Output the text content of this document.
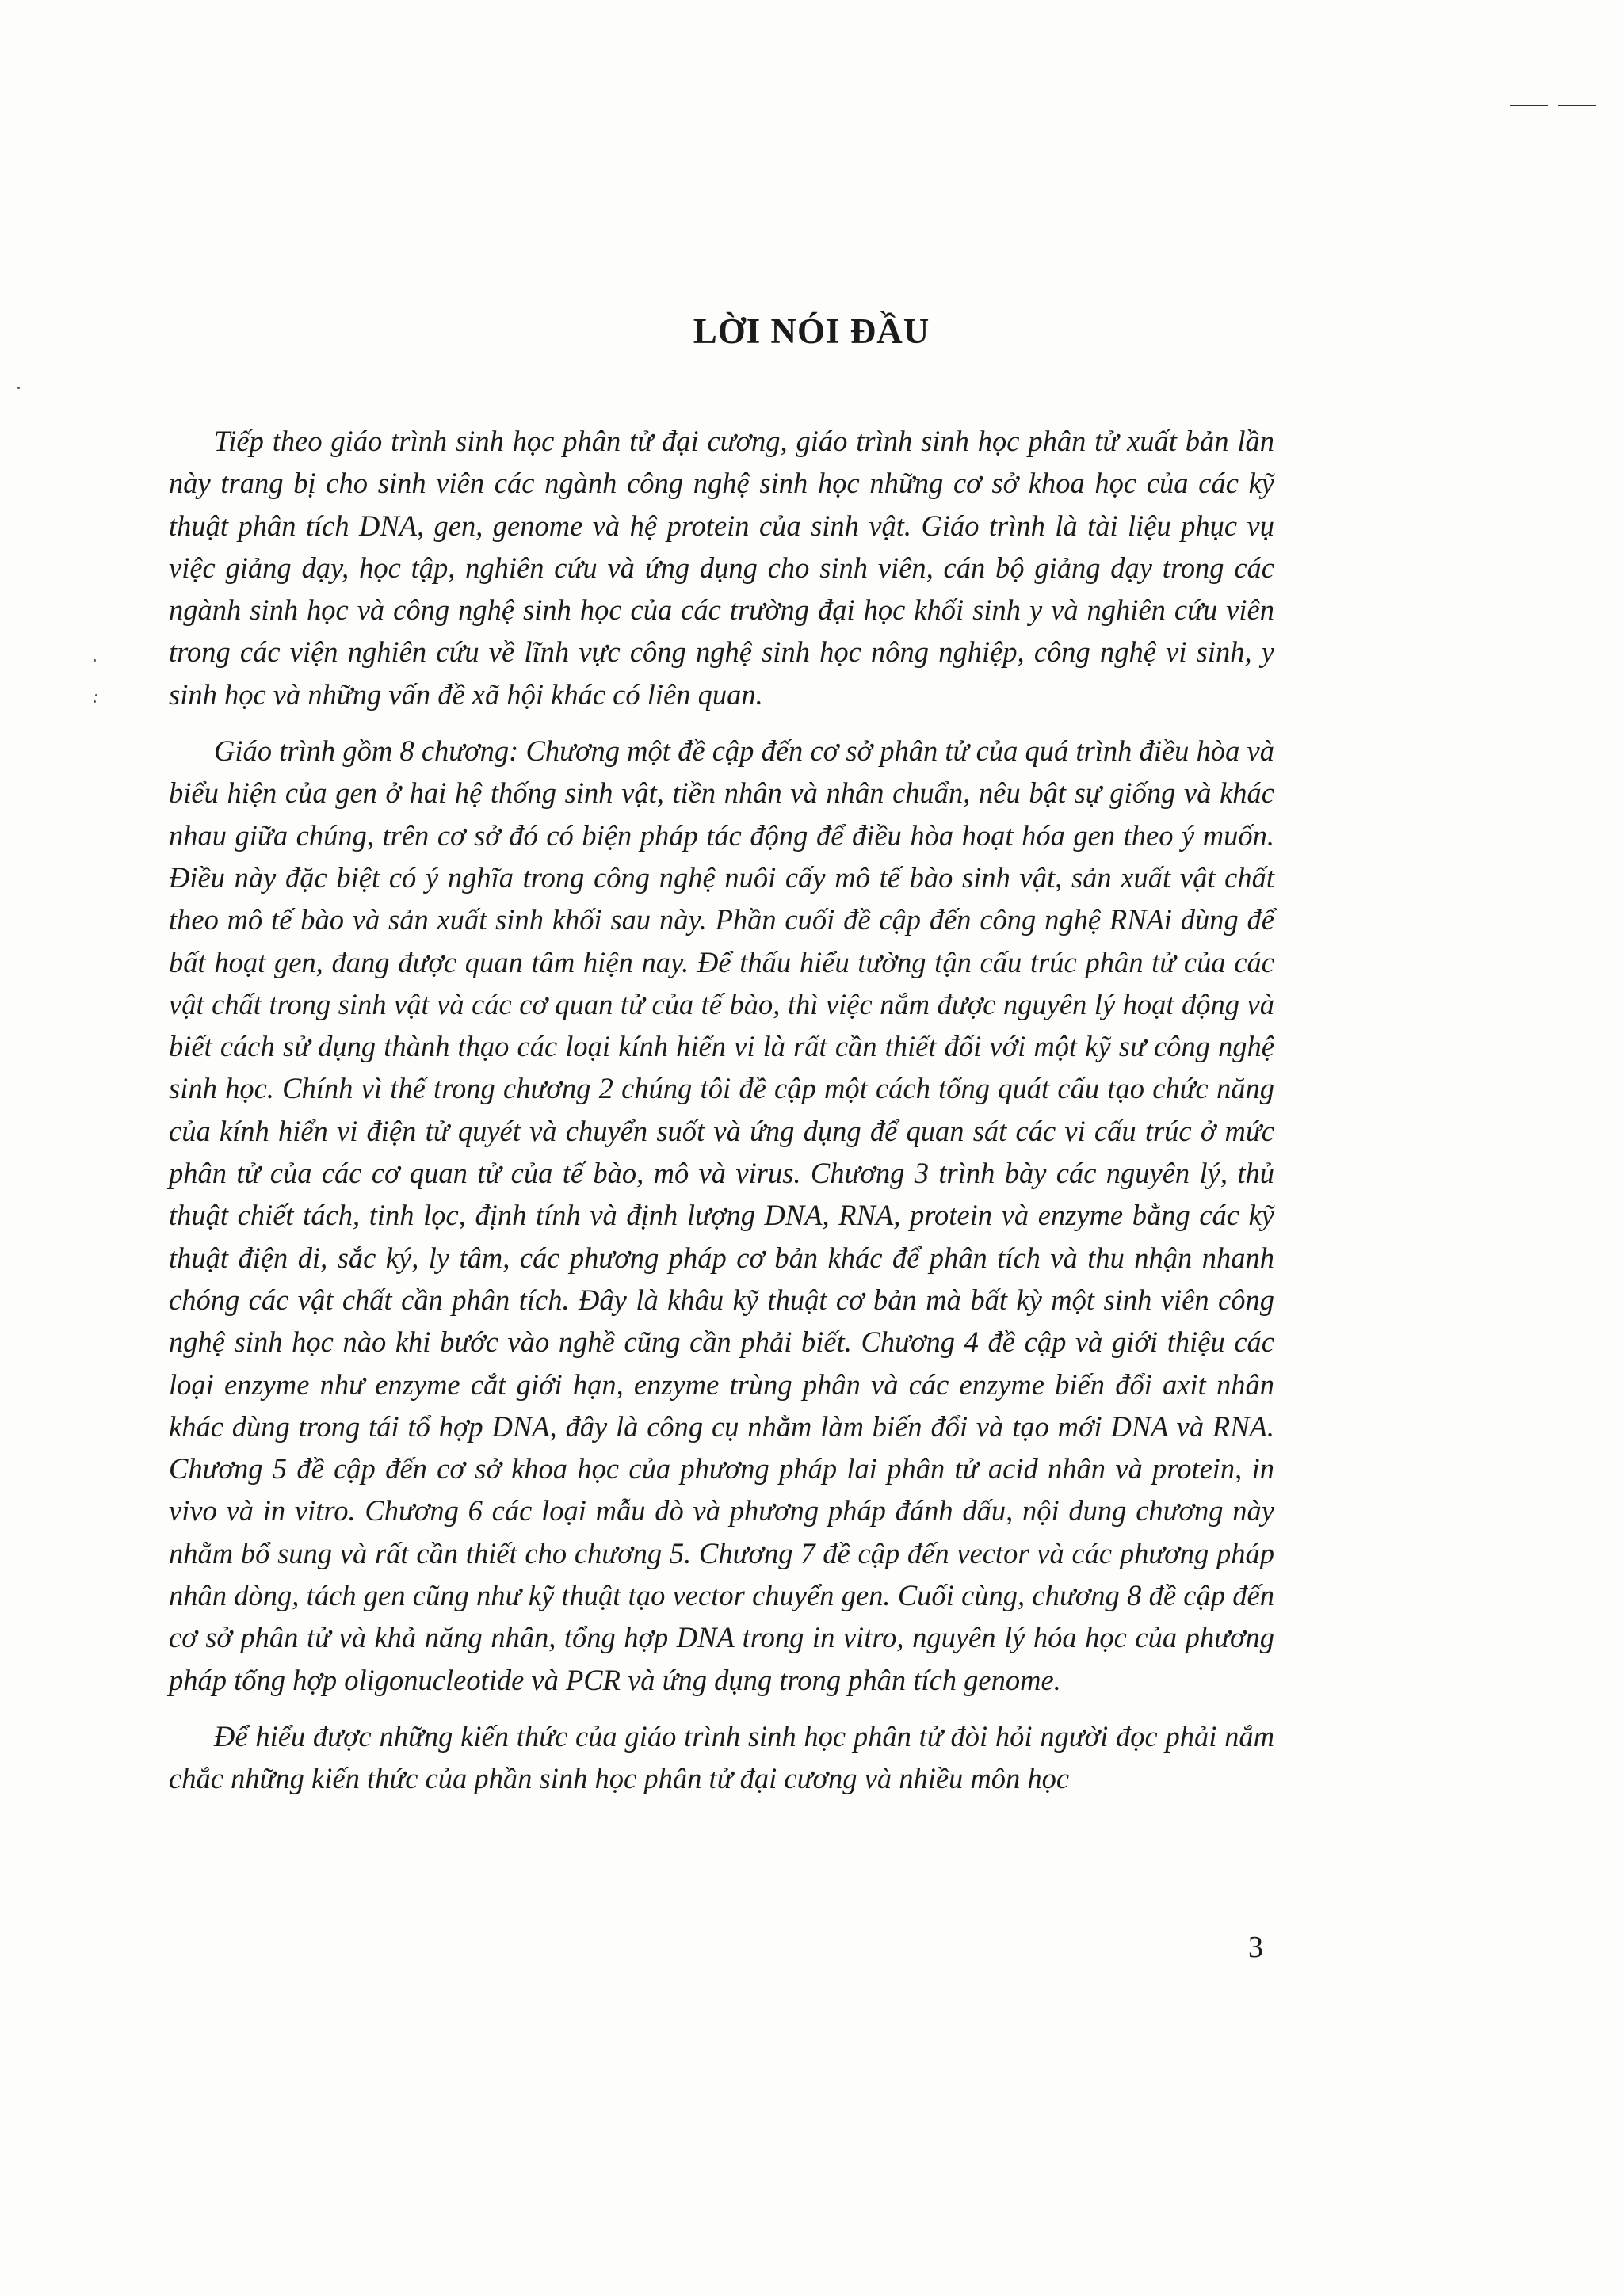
LỜI NÓI ĐẦU

Tiếp theo giáo trình sinh học phân tử đại cương, giáo trình sinh học phân tử xuất bản lần này trang bị cho sinh viên các ngành công nghệ sinh học những cơ sở khoa học của các kỹ thuật phân tích DNA, gen, genome và hệ protein của sinh vật. Giáo trình là tài liệu phục vụ việc giảng dạy, học tập, nghiên cứu và ứng dụng cho sinh viên, cán bộ giảng dạy trong các ngành sinh học và công nghệ sinh học của các trường đại học khối sinh y và nghiên cứu viên trong các viện nghiên cứu về lĩnh vực công nghệ sinh học nông nghiệp, công nghệ vi sinh, y sinh học và những vấn đề xã hội khác có liên quan.

Giáo trình gồm 8 chương: Chương một đề cập đến cơ sở phân tử của quá trình điều hòa và biểu hiện của gen ở hai hệ thống sinh vật, tiền nhân và nhân chuẩn, nêu bật sự giống và khác nhau giữa chúng, trên cơ sở đó có biện pháp tác động để điều hòa hoạt hóa gen theo ý muốn. Điều này đặc biệt có ý nghĩa trong công nghệ nuôi cấy mô tế bào sinh vật, sản xuất vật chất theo mô tế bào và sản xuất sinh khối sau này. Phần cuối đề cập đến công nghệ RNAi dùng để bất hoạt gen, đang được quan tâm hiện nay. Để thấu hiểu tường tận cấu trúc phân tử của các vật chất trong sinh vật và các cơ quan tử của tế bào, thì việc nắm được nguyên lý hoạt động và biết cách sử dụng thành thạo các loại kính hiển vi là rất cần thiết đối với một kỹ sư công nghệ sinh học. Chính vì thế trong chương 2 chúng tôi đề cập một cách tổng quát cấu tạo chức năng của kính hiển vi điện tử quyét và chuyển suốt và ứng dụng để quan sát các vi cấu trúc ở mức phân tử của các cơ quan tử của tế bào, mô và virus. Chương 3 trình bày các nguyên lý, thủ thuật chiết tách, tinh lọc, định tính và định lượng DNA, RNA, protein và enzyme bằng các kỹ thuật điện di, sắc ký, ly tâm, các phương pháp cơ bản khác để phân tích và thu nhận nhanh chóng các vật chất cần phân tích. Đây là khâu kỹ thuật cơ bản mà bất kỳ một sinh viên công nghệ sinh học nào khi bước vào nghề cũng cần phải biết. Chương 4 đề cập và giới thiệu các loại enzyme như enzyme cắt giới hạn, enzyme trùng phân và các enzyme biến đổi axit nhân khác dùng trong tái tổ hợp DNA, đây là công cụ nhằm làm biến đổi và tạo mới DNA và RNA. Chương 5 đề cập đến cơ sở khoa học của phương pháp lai phân tử acid nhân và protein, in vivo và in vitro. Chương 6 các loại mẫu dò và phương pháp đánh dấu, nội dung chương này nhằm bổ sung và rất cần thiết cho chương 5. Chương 7 đề cập đến vector và các phương pháp nhân dòng, tách gen cũng như kỹ thuật tạo vector chuyển gen. Cuối cùng, chương 8 đề cập đến cơ sở phân tử và khả năng nhân, tổng hợp DNA trong in vitro, nguyên lý hóa học của phương pháp tổng hợp oligonucleotide và PCR và ứng dụng trong phân tích genome.

Để hiểu được những kiến thức của giáo trình sinh học phân tử đòi hỏi người đọc phải nắm chắc những kiến thức của phần sinh học phân tử đại cương và nhiều môn học

3
